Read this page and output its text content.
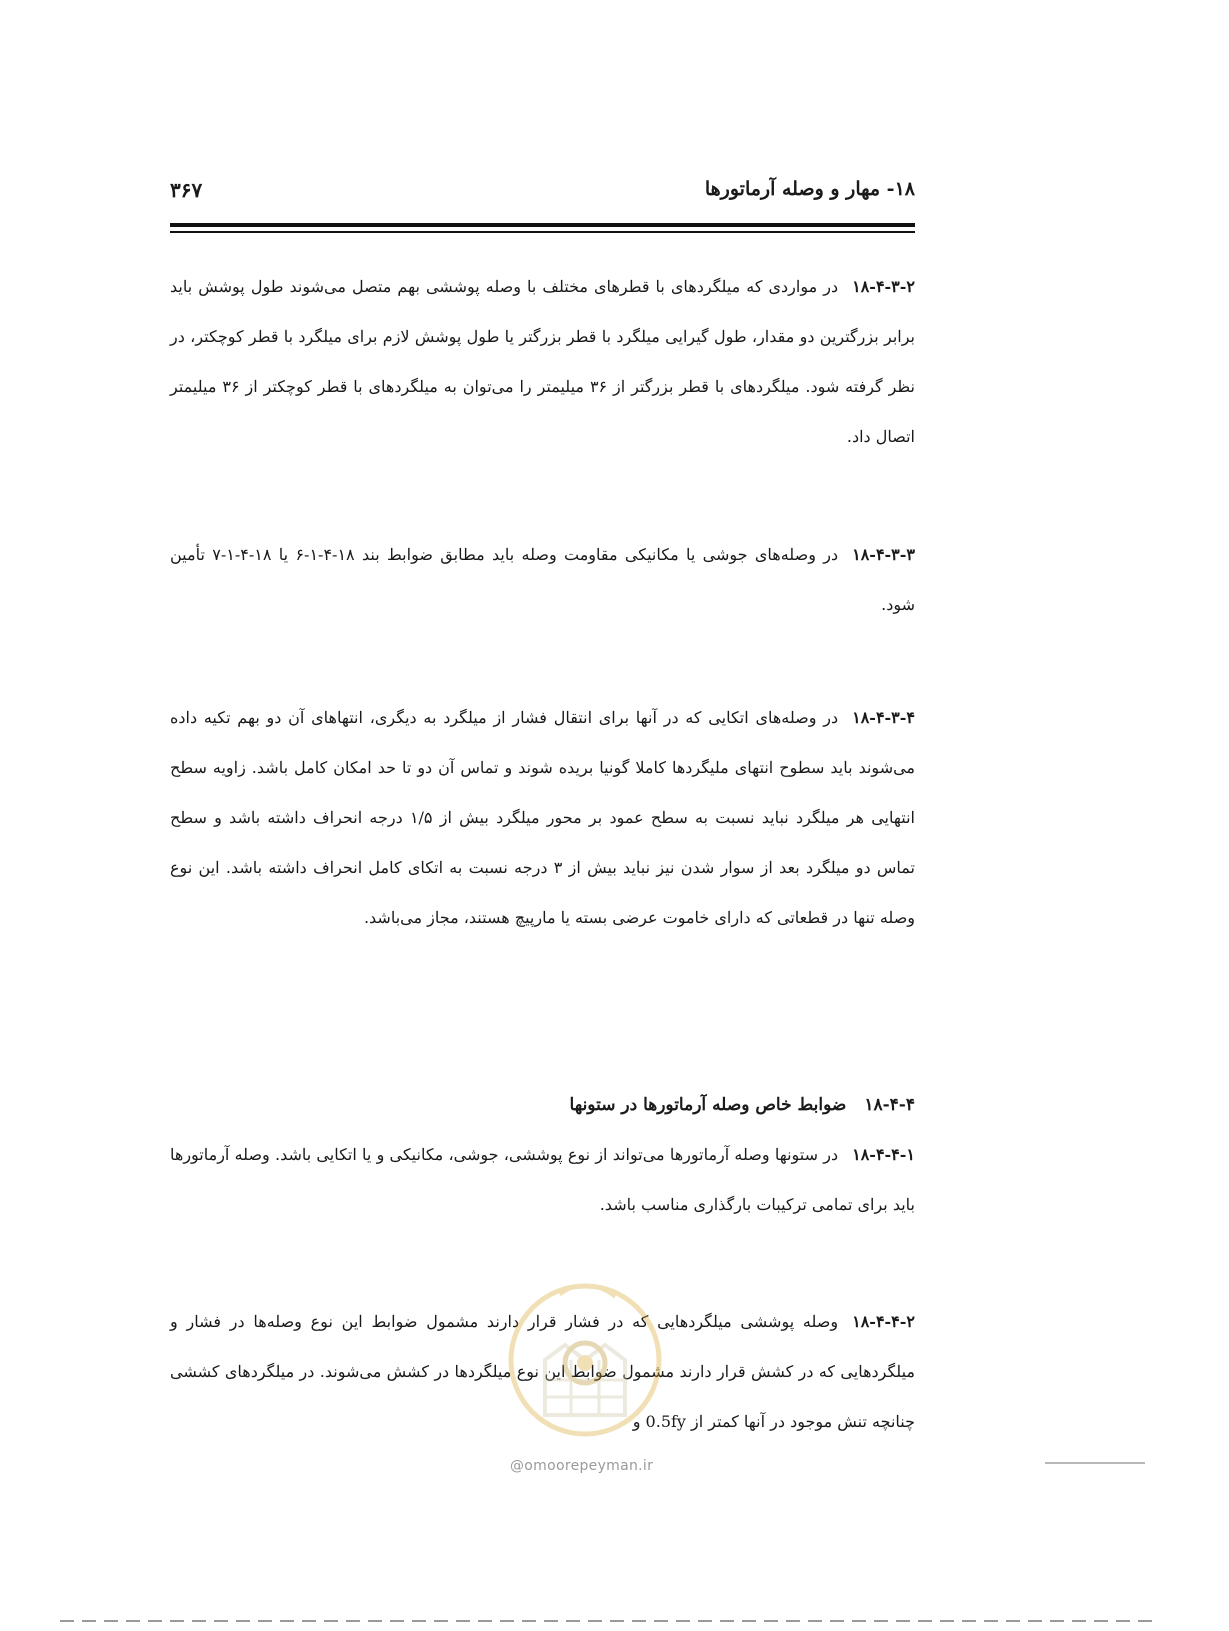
۱۸- مهار و وصله آرماتورها
۳۶۷
۱۸-۴-۳-۲در مواردی که میلگردهای با قطرهای مختلف با وصله پوششی بهم متصل می‌شوند طول پوشش باید برابر بزرگترین دو مقدار، طول گیرایی میلگرد با قطر بزرگتر یا طول پوشش لازم برای میلگرد با قطر کوچکتر، در نظر گرفته شود. میلگردهای با قطر بزرگتر از ۳۶ میلیمتر را می‌توان به میلگردهای با قطر کوچکتر از ۳۶ میلیمتر اتصال داد.
۱۸-۴-۳-۳در وصله‌های جوشی یا مکانیکی مقاومت وصله باید مطابق ضوابط بند ۱۸-۴-۱-۶ یا ۱۸-۴-۱-۷ تأمین شود.
۱۸-۴-۳-۴در وصله‌های اتکایی که در آنها برای انتقال فشار از میلگرد به دیگری، انتهاهای آن دو بهم تکیه داده می‌شوند باید سطوح انتهای ملیگردها کاملا گونیا بریده شوند و تماس آن دو تا حد امکان کامل باشد. زاویه سطح انتهایی هر میلگرد نباید نسبت به سطح عمود بر محور میلگرد بیش از ۱/۵ درجه انحراف داشته باشد و سطح تماس دو میلگرد بعد از سوار شدن نیز نباید بیش از ۳ درجه نسبت به اتکای کامل انحراف داشته باشد. این نوع وصله تنها در قطعاتی که دارای خاموت عرضی بسته یا مارپیچ هستند، مجاز می‌باشد.
۱۸-۴-۴ضوابط خاص وصله آرماتورها در ستونها
۱۸-۴-۴-۱در ستونها وصله آرماتورها می‌تواند از نوع پوششی، جوشی، مکانیکی و یا اتکایی باشد. وصله آرماتورها باید برای تمامی ترکیبات بارگذاری مناسب باشد.
۱۸-۴-۴-۲وصله پوششی میلگردهایی که در فشار قرار دارند مشمول ضوابط این نوع وصله‌ها در فشار و میلگردهایی که در کشش قرار دارند مشمول ضوابط این نوع میلگردها در کشش می‌شوند. در میلگردهای کششی چنانچه تنش موجود در آنها کمتر از 0.5fy و
@omoorepeyman.ir
